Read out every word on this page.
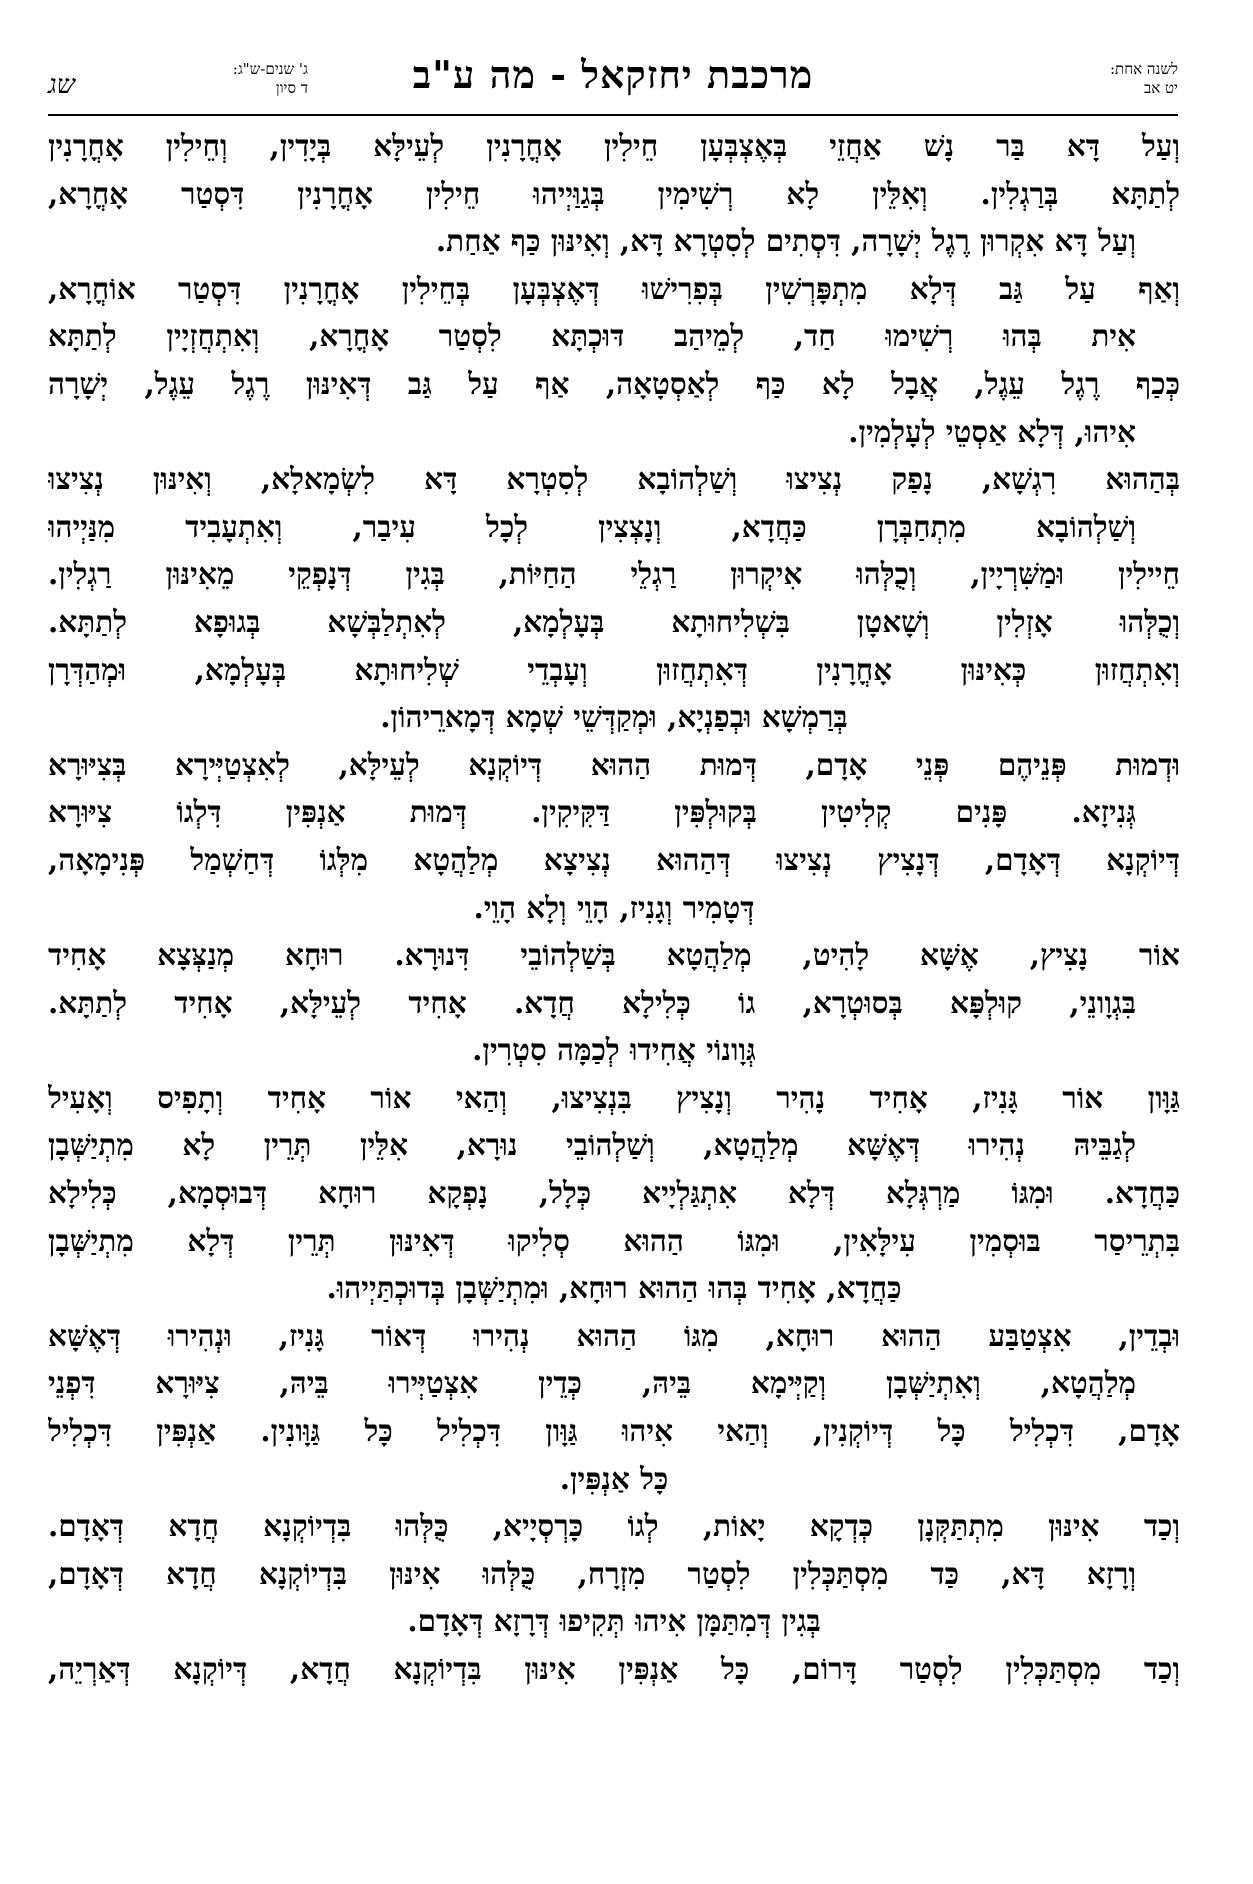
לשנה אחת:
יט אב
מרכבת יחזקאל - מה ע"ב
ג' שנים-ש"ג:
ד סיון
שג
וְעַל דָּא בַּר נָשׁ אַחֲזֵי בְּאֶצְבְּעָן חֵילִין אָחֳרָנִין לְעֵילָּא בְּיָדִין, וְחֵילִין אָחֳרָנִין
לְתַתָּא בְּרַגְלִין. וְאִלֵּין לָא רְשִׁימִין בְּגַוַּיְיהוּ חֵילִין אָחֳרָנִין דִּסְטַר אָחֳרָא,
וְעַל דָּא אִקְרוּן רֶגֶל יְשָׁרָה, דִּסְתִים לְסִטְרָא דָּא, וְאִינּוּן כַּף אַחַת.
וְאַף עַל גַּב דְּלָא מִתְפָּרְשִׁין בְּפִרִישׁוּ דְּאֶצְבְּעָן בְּחֵילִין אָחֳרָנִין דִּסְטַר אוֹחֳרָא,
אִית בְּהוּ רְשִׁימוּ חַד, לְמֵיהַב דּוּכְתָּא לִסְטַר אָחֳרָא, וְאִתְחֲזְיָין לְתַתָּא
כְּכַף רֶגֶל עֵגֶל, אֲבָל לָא כַּף לְאַסְטָאָה, אַף עַל גַּב דְּאִינּוּן רֶגֶל עֵגֶל, יְשָׁרָה
אִיהוּ, דְּלָא אַסְטֵי לְעָלְמִין.
בְּהַהוּא רִגְשָׁא, נָפַק נְצִיצוּ וְשַׁלְהוֹבָא לְסִטְרָא דָּא לִשְׂמָאלָא, וְאִינּוּן נְצִיצוּ
וְשַׁלְהוֹבָא מִתְחַבְּרָן כַּחֲדָא, וְנָצְצִין לְכָל עִיבַר, וְאִתְעָבִיד מִנַּיְיהוּ
חֵיילִין וּמַשִּׁרְיָין, וְכֻלְּהוּ אִיקְרוּן רַגְלֵי הַחַיּוֹת, בְּגִין דְּנָפְקֵי מֵאִינּוּן רַגְלִין.
וְכֻלְּהוּ אָזְלִין וְשָׁאטָן בִּשְׁלִיחוּתָא בְּעָלְמָא, לְאִתְלַבְּשָׁא בְּגוּפָא לְתַתָּא.
וְאִתְחֲזוּן כְּאִינּוּן אָחֳרָנִין דְּאִתְחֲזוּן וְעָבְדֵי שְׁלִיחוּתָא בְּעָלְמָא, וּמְהַדְּרָן
בְּרַמְשָׁא וּבְפַנְיָא, וּמְקַדְּשֵׁי שְׁמָא דְּמָארֵיהוֹן.
וּדְמוּת פְּנֵיהֶם פְּנֵי אָדָם, דְּמוּת הַהוּא דְּיוֹקְנָא לְעֵילָּא, לְאִצְטַיְּירָא בְּצִיּוּרָא
גְּנִיזָא. פָּנִים קְלִיטִין בְּקוּלְפִּין דַּקִּיקִין. דְּמוּת אַנְפִּין דִּלְגוֹ צִיּוּרָא
דְּיוֹקְנָא דְּאָדָם, דְּנָצִיץ נְצִיצוּ דְּהַהוּא נְצִיצָא מְלַהֲטָא מִלְּגוֹ דְּחַשְׁמַל פְּנִימָאָה,
דְּטָמִיר וְגָנִיז, הָוֵי וְלָא הָוֵי.
אוֹר נָצִיץ, אֶשָּׁא לָהִיט, מְלַהֲטָא בְּשַׁלְהוֹבֵי דִּנוּרָא. רוּחָא מְנַצְּצָא אָחִיד
בִּגְוָונֵי, קוּלְפָּא בְּסוּטְרָא, גוֹ כְּלִילָא חֲדָא. אָחִיד לְעֵילָּא, אָחִיד לְתַתָּא.
גְּוָונוֹי אֲחִידוּ לְכַמָּה סִטְרִין.
גַּוָּון אוֹר גָּנִיז, אָחִיד נָהִיר וְנָצִיץ בִּנְצִיצוּ, וְהַאי אוֹר אָחִיד וְתָפִיס וְאָעִיל
לְגַבֵּיהּ נְהִירוּ דְּאֶשָּׁא מְלַהֲטָא, וְשַׁלְהוֹבֵי נוּרָא, אִלֵּין תְּרֵין לָא מִתְיַשְּׁבָן
כַּחֲדָא. וּמִגּוֹ מַרְגְּלָא דְּלָא אִתְגַּלְיָיא כְּלָל, נָפְקָא רוּחָא דְּבוּסְמָא, כְּלִילָא
בִּתְרֵיסַר בּוּסְמִין עִילָּאִין, וּמִגּוֹ הַהוּא סְלִיקוּ דְּאִינּוּן תְּרֵין דְּלָא מִתְיַשְּׁבָן
כַּחֲדָא, אָחִיד בְּהוּ הַהוּא רוּחָא, וּמִתְיַשְּׁבָן בְּדוּכְתַּיְיהוּ.
וּבְדֵין, אִצְטַבַּע הַהוּא רוּחָא, מִגּוֹ הַהוּא נְהִירוּ דְּאוֹר גָּנִיז, וּנְהִירוּ דְּאֶשָּׁא
מְלַהֲטָא, וְאִתְיַשְּׁבָן וְקַיְּימָא בֵּיהּ, כְּדֵין אִצְטַיְּירוּ בֵּיהּ, צִיּוּרָא דִּפְנֵי
אָדָם, דִּכְלִיל כָּל דְּיוֹקְנִין, וְהַאי אִיהוּ גַּוָּון דִּכְלִיל כָּל גַּוָּונִין. אַנְפִּין דִּכְלִיל
כָּל אַנְפִּין.
וְכַד אִינּוּן מִתְתַּקְּנָן כְּדְקָא יָאוֹת, לְגוֹ כָּרְסְיָיא, כֻּלְּהוּ בִּדְיוֹקְנָא חֲדָא דְּאָדָם.
וְרָזָא דָּא, כַּד מִסְתַּכְּלִין לִסְטַר מִזְרָח, כֻּלְּהוּ אִינּוּן בִּדְיוֹקְנָא חֲדָא דְּאָדָם,
בְּגִין דְּמִתַּמָּן אִיהוּ תְּקִיפוּ דְּרָזָא דְּאָדָם.
וְכַד מִסְתַּכְּלִין לִסְטַר דָּרוֹם, כָּל אַנְפִּין אִינּוּן בִּדְיוֹקְנָא חֲדָא, דְּיוֹקְנָא דְּאַרְיֵה,
